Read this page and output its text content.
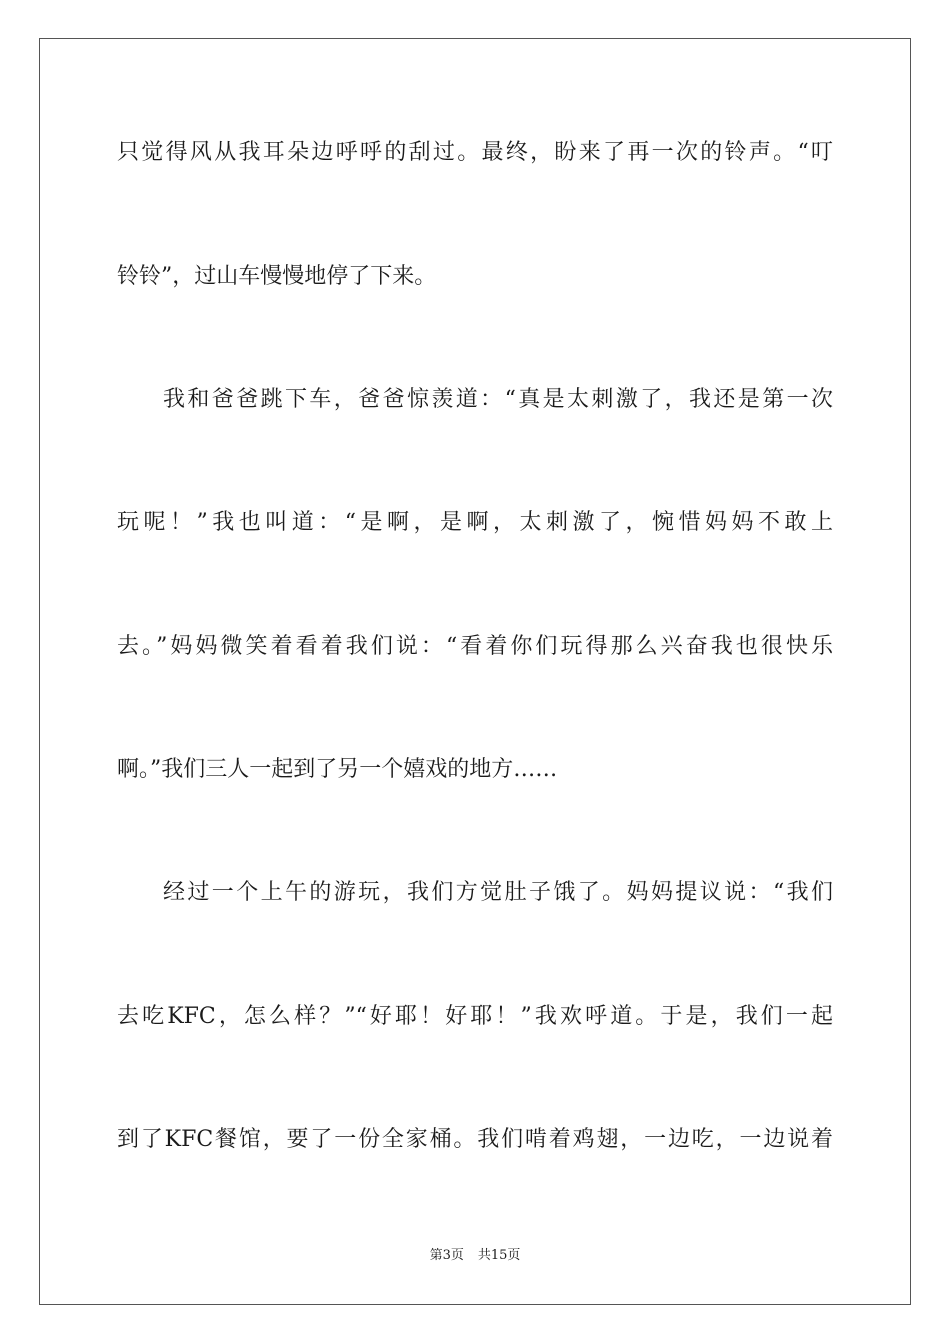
只觉得风从我耳朵边呼呼的刮过。最终，盼来了再一次的铃声。“叮
铃铃”，过山车慢慢地停了下来。
我和爸爸跳下车，爸爸惊羡道：“真是太刺激了，我还是第一次
玩呢！”我也叫道：“是啊，是啊，太刺激了，惋惜妈妈不敢上
去。”妈妈微笑着看着我们说：“看着你们玩得那么兴奋我也很快乐
啊。”我们三人一起到了另一个嬉戏的地方……
经过一个上午的游玩，我们方觉肚子饿了。妈妈提议说：“我们
去吃KFC，怎么样？”“好耶！好耶！”我欢呼道。于是，我们一起
到了KFC餐馆，要了一份全家桶。我们啃着鸡翅，一边吃，一边说着
第3页 共15页
